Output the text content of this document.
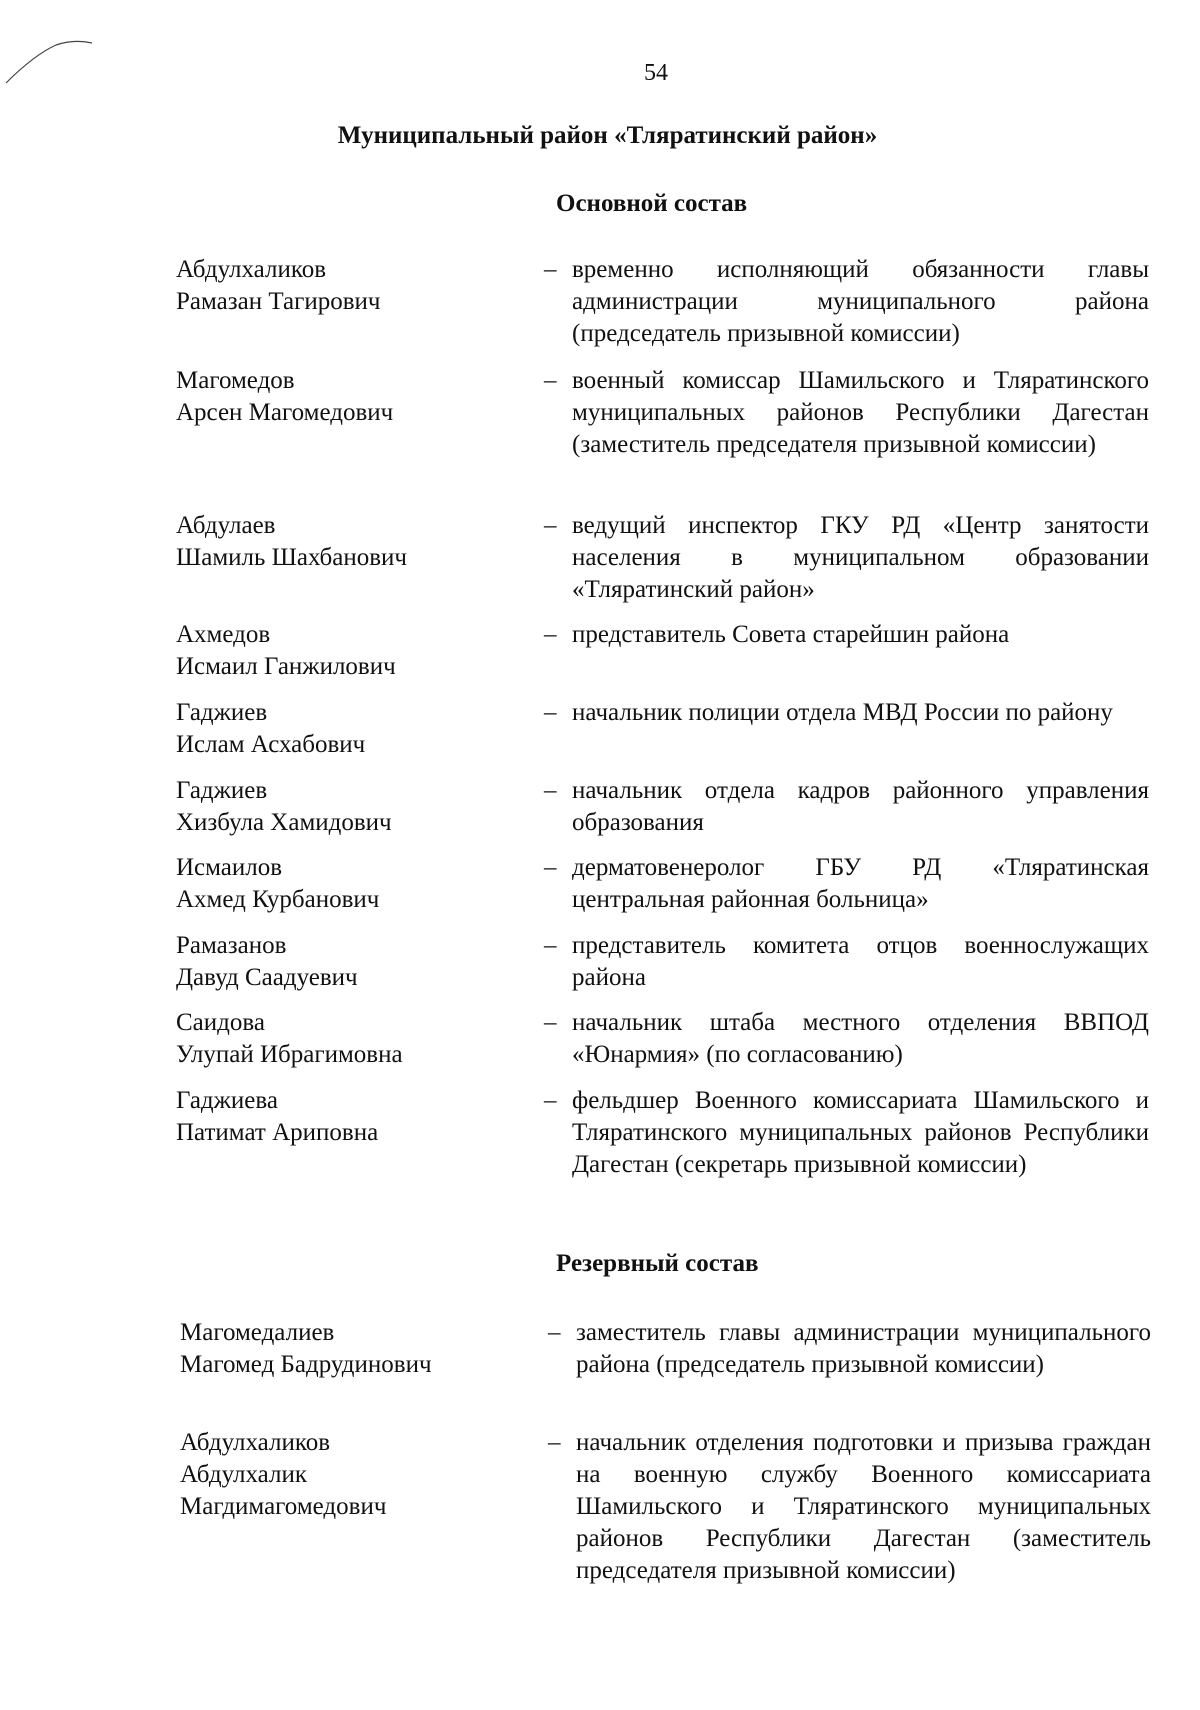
54
Муниципальный район «Тляратинский район»
Основной состав
Абдулхаликов
Рамазан Тагирович
– временно исполняющий обязанности главы администрации муниципального района (председатель призывной комиссии)
Магомедов
Арсен Магомедович
– военный комиссар Шамильского и Тляратинского муниципальных районов Республики Дагестан (заместитель председателя призывной комиссии)
Абдулаев
Шамиль Шахбанович
– ведущий инспектор ГКУ РД «Центр занятости населения в муниципальном образовании «Тляратинский район»
Ахмедов
Исмаил Ганжилович
– представитель Совета старейшин района
Гаджиев
Ислам Асхабович
– начальник полиции отдела МВД России по району
Гаджиев
Хизбула Хамидович
– начальник отдела кадров районного управления образования
Исмаилов
Ахмед Курбанович
– дерматовенеролог ГБУ РД «Тляратинская центральная районная больница»
Рамазанов
Давуд Саадуевич
– представитель комитета отцов военнослужащих района
Саидова
Улупай Ибрагимовна
– начальник штаба местного отделения ВВПОД «Юнармия» (по согласованию)
Гаджиева
Патимат Ариповна
– фельдшер Военного комиссариата Шамильского и Тляратинского муниципальных районов Республики Дагестан (секретарь призывной комиссии)
Резервный состав
Магомедалиев
Магомед Бадрудинович
– заместитель главы администрации муниципального района (председатель призывной комиссии)
Абдулхаликов
Абдулхалик
Магдимагомедович
– начальник отделения подготовки и призыва граждан на военную службу Военного комиссариата Шамильского и Тляратинского муниципальных районов Республики Дагестан (заместитель председателя призывной комиссии)
